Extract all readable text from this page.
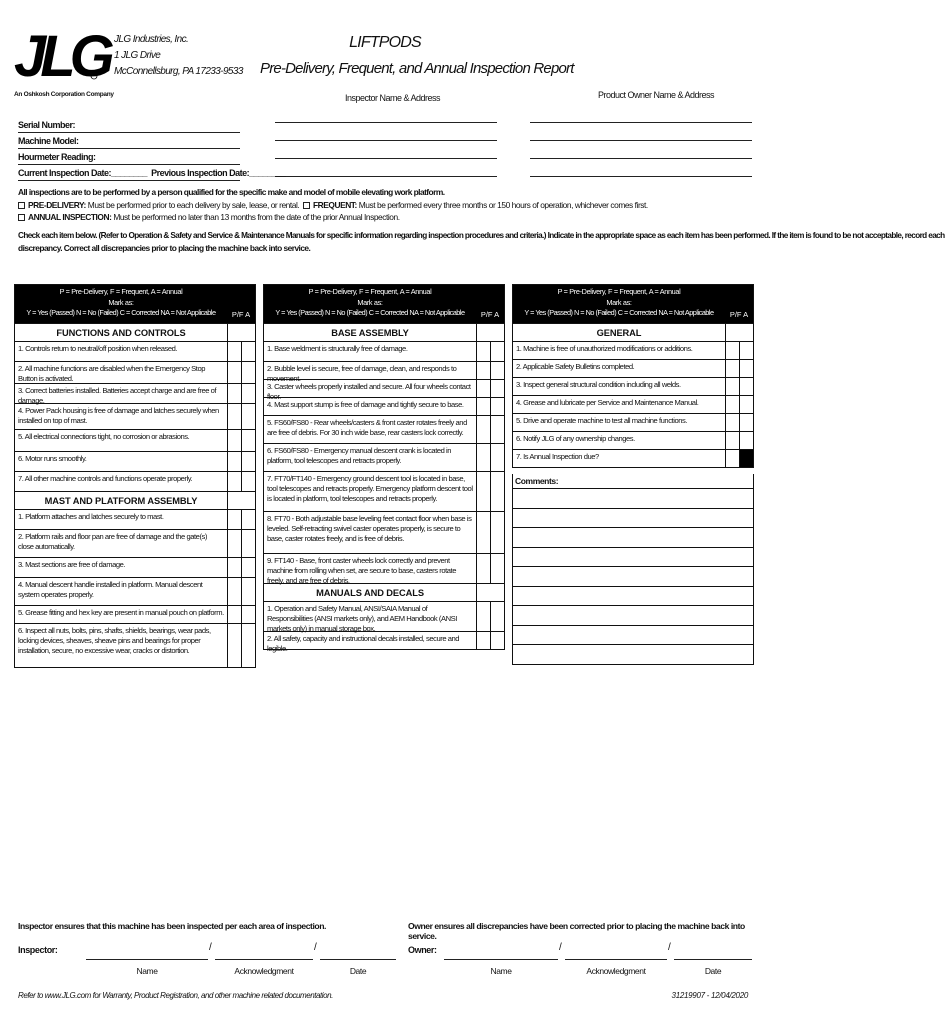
JLG JLG Industries, Inc.
1 JLG Drive
McConnellsburg, PA 17233-9533
An Oshkosh Corporation Company
LIFTPODS
Pre-Delivery, Frequent, and Annual Inspection Report
Inspector Name & Address	Product Owner Name & Address
Serial Number:
Machine Model:
Hourmeter Reading:
Current Inspection Date:________ Previous Inspection Date:________
All inspections are to be performed by a person qualified for the specific make and model of mobile elevating work platform.
PRE-DELIVERY: Must be performed prior to each delivery by sale, lease, or rental. FREQUENT: Must be performed every three months or 150 hours of operation, whichever comes first.
ANNUAL INSPECTION: Must be performed no later than 13 months from the date of the prior Annual Inspection.
Check each item below. (Refer to Operation & Safety and Service & Maintenance Manuals for specific information regarding inspection procedures and criteria.) Indicate in the appropriate space as each item has been performed. If the item is found to be not acceptable, record each
discrepancy. Correct all discrepancies prior to placing the machine back into service.
P = Pre-Delivery, F = Frequent, A = Annual
Mark as:
Y = Yes (Passed) N = No (Failed) C = Corrected NA = Not Applicable	P/F A
FUNCTIONS AND CONTROLS
1. Controls return to neutral/off position when released.
2. All machine functions are disabled when the Emergency Stop Button is activated.
3. Correct batteries installed. Batteries accept charge and are free of damage.
4. Power Pack housing is free of damage and latches securely when installed on top of mast.
5. All electrical connections tight, no corrosion or abrasions.
6. Motor runs smoothly.
7. All other machine controls and functions operate properly.
MAST AND PLATFORM ASSEMBLY
1. Platform attaches and latches securely to mast.
2. Platform rails and floor pan are free of damage and the gate(s) close automatically.
3. Mast sections are free of damage.
4. Manual descent handle installed in platform. Manual descent system operates properly.
5. Grease fitting and hex key are present in manual pouch on platform.
6. Inspect all nuts, bolts, pins, shafts, shields, bearings, wear pads, locking devices, sheaves, sheave pins and bearings for proper installation, secure, no excessive wear, cracks or distortion.
P = Pre-Delivery, F = Frequent, A = Annual
Mark as:
Y = Yes (Passed) N = No (Failed) C = Corrected NA = Not Applicable	P/F A
BASE ASSEMBLY
1. Base weldment is structurally free of damage.
2. Bubble level is secure, free of damage, clean, and responds to movement.
3. Caster wheels properly installed and secure. All four wheels contact floor.
4. Mast support stump is free of damage and tightly secure to base.
5. FS60/FS80 - Rear wheels/casters & front caster rotates freely and are free of debris. For 30 inch wide base, rear casters lock correctly.
6. FS60/FS80 - Emergency manual descent crank is located in platform, tool telescopes and retracts properly.
7. FT70/FT140 - Emergency ground descent tool is located in base, tool telescopes and retracts properly. Emergency platform descent tool is located in platform, tool telescopes and retracts properly.
8. FT70 - Both adjustable base leveling feet contact floor when base is leveled. Self-retracting swivel caster operates properly, is secure to base, caster rotates freely, and is free of debris.
9. FT140 - Base, front caster wheels lock correctly and prevent machine from rolling when set, are secure to base, casters rotate freely, and are free of debris.
MANUALS AND DECALS
1. Operation and Safety Manual, ANSI/SAIA Manual of Responsibilities (ANSI markets only), and AEM Handbook (ANSI markets only) in manual storage box.
2. All safety, capacity and instructional decals installed, secure and legible.
P = Pre-Delivery, F = Frequent, A = Annual
Mark as:
Y = Yes (Passed) N = No (Failed) C = Corrected NA = Not Applicable	P/F A
GENERAL
1. Machine is free of unauthorized modifications or additions.
2. Applicable Safety Bulletins completed.
3. Inspect general structural condition including all welds.
4. Grease and lubricate per Service and Maintenance Manual.
5. Drive and operate machine to test all machine functions.
6. Notify JLG of any ownership changes.
7. Is Annual Inspection due?
Comments:
Inspector ensures that this machine has been inspected per each area of inspection.	Owner ensures all discrepancies have been corrected prior to placing the machine back into service.
Inspector:	/	/
Name	Acknowledgment	Date
Owner:	/	/
Name	Acknowledgment	Date
Refer to www.JLG.com for Warranty, Product Registration, and other machine related documentation.	31219907 - 12/04/2020
